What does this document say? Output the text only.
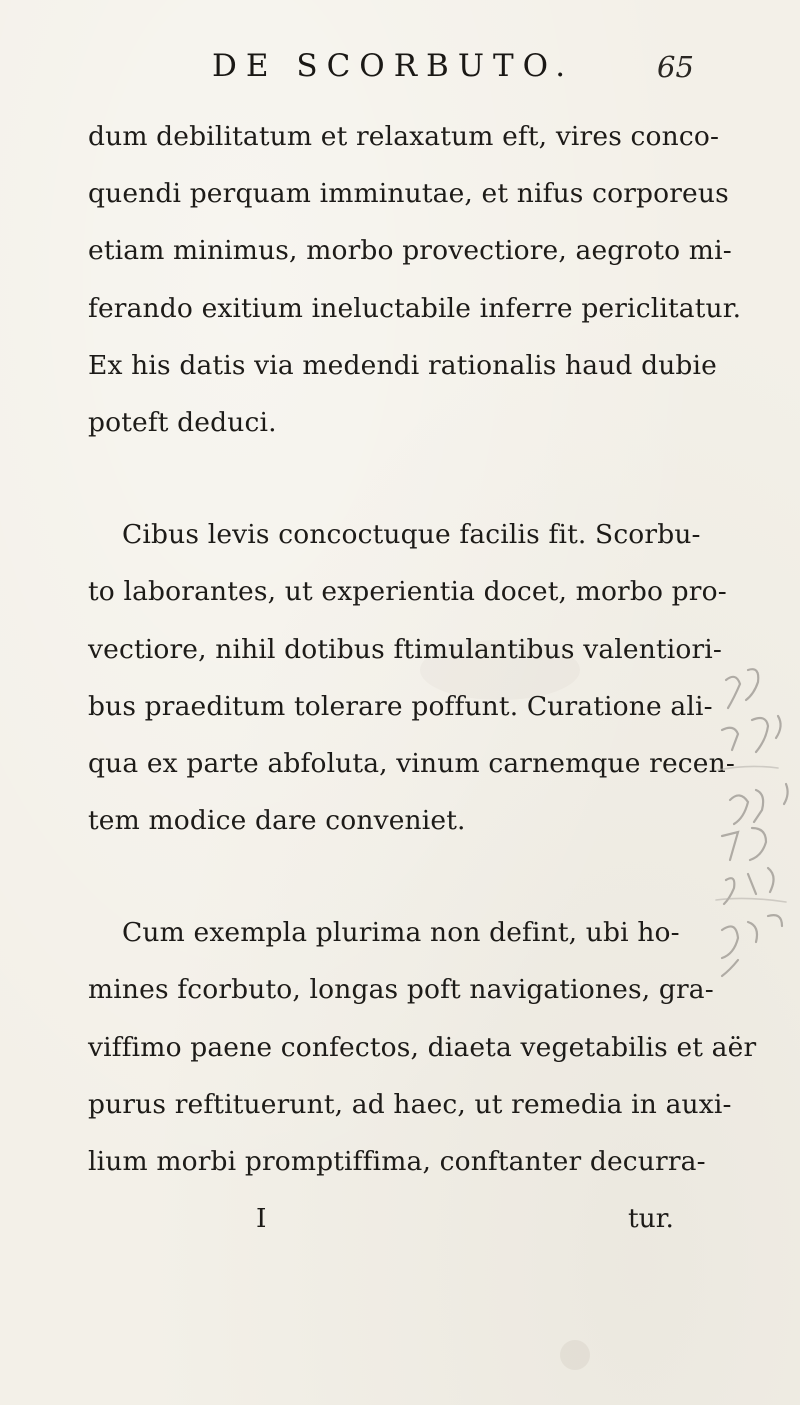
DE SCORBUTO.	65

dum debilitatum et relaxatum eft, vires conco-
quendi perquam imminutae, et nifus corporeus
etiam minimus, morbo provectiore, aegroto mi-
ferando exitium ineluctabile inferre periclitatur.
Ex his datis via medendi rationalis haud dubie
poteft deduci.

Cibus levis concoctuque facilis fit. Scorbu-
to laborantes, ut experientia docet, morbo pro-
vectiore, nihil dotibus ftimulantibus valentiori-
bus praeditum tolerare poffunt. Curatione ali-
qua ex parte abfoluta, vinum carnemque recen-
tem modice dare conveniet.

Cum exempla plurima non defint, ubi ho-
mines fcorbuto, longas poft navigationes, gra-
viffimo paene confectos, diaeta vegetabilis et aër
purus reftituerunt, ad haec, ut remedia in auxi-
lium morbi promptiffima, conftanter decurra-

I	tur.
